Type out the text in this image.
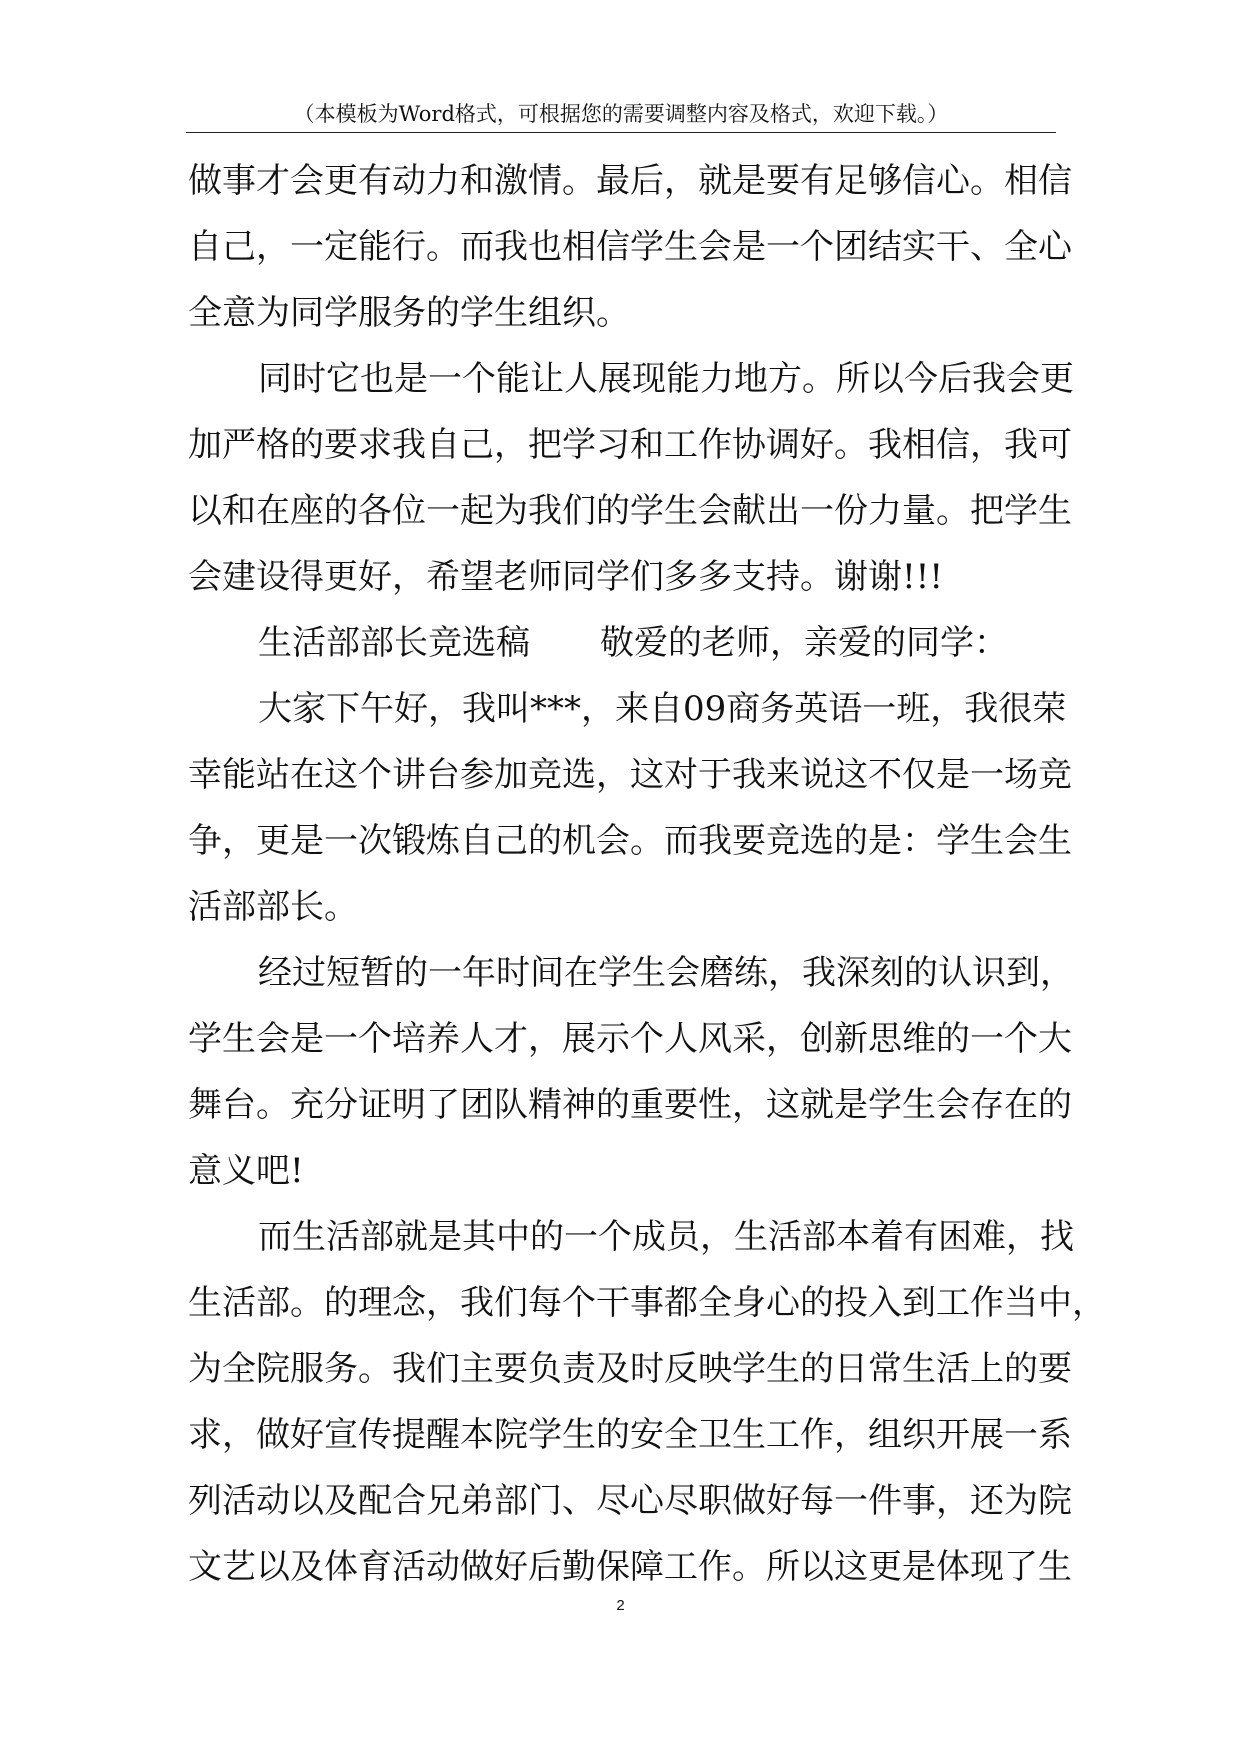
（本模板为Word格式，可根据您的需要调整内容及格式，欢迎下载。）
做事才会更有动力和激情。最后，就是要有足够信心。相信
自己，一定能行。而我也相信学生会是一个团结实干、全心
全意为同学服务的学生组织。
同时它也是一个能让人展现能力地方。所以今后我会更
加严格的要求我自己，把学习和工作协调好。我相信，我可
以和在座的各位一起为我们的学生会献出一份力量。把学生
会建设得更好，希望老师同学们多多支持。谢谢!!!
生活部部长竞选稿 敬爱的老师，亲爱的同学：
大家下午好，我叫***，来自09商务英语一班，我很荣
幸能站在这个讲台参加竞选，这对于我来说这不仅是一场竞
争，更是一次锻炼自己的机会。而我要竞选的是：学生会生
活部部长。
经过短暂的一年时间在学生会磨练，我深刻的认识到，
学生会是一个培养人才，展示个人风采，创新思维的一个大
舞台。充分证明了团队精神的重要性，这就是学生会存在的
意义吧!
而生活部就是其中的一个成员，生活部本着有困难，找
生活部。的理念，我们每个干事都全身心的投入到工作当中，
为全院服务。我们主要负责及时反映学生的日常生活上的要
求，做好宣传提醒本院学生的安全卫生工作，组织开展一系
列活动以及配合兄弟部门、尽心尽职做好每一件事，还为院
文艺以及体育活动做好后勤保障工作。所以这更是体现了生
2
